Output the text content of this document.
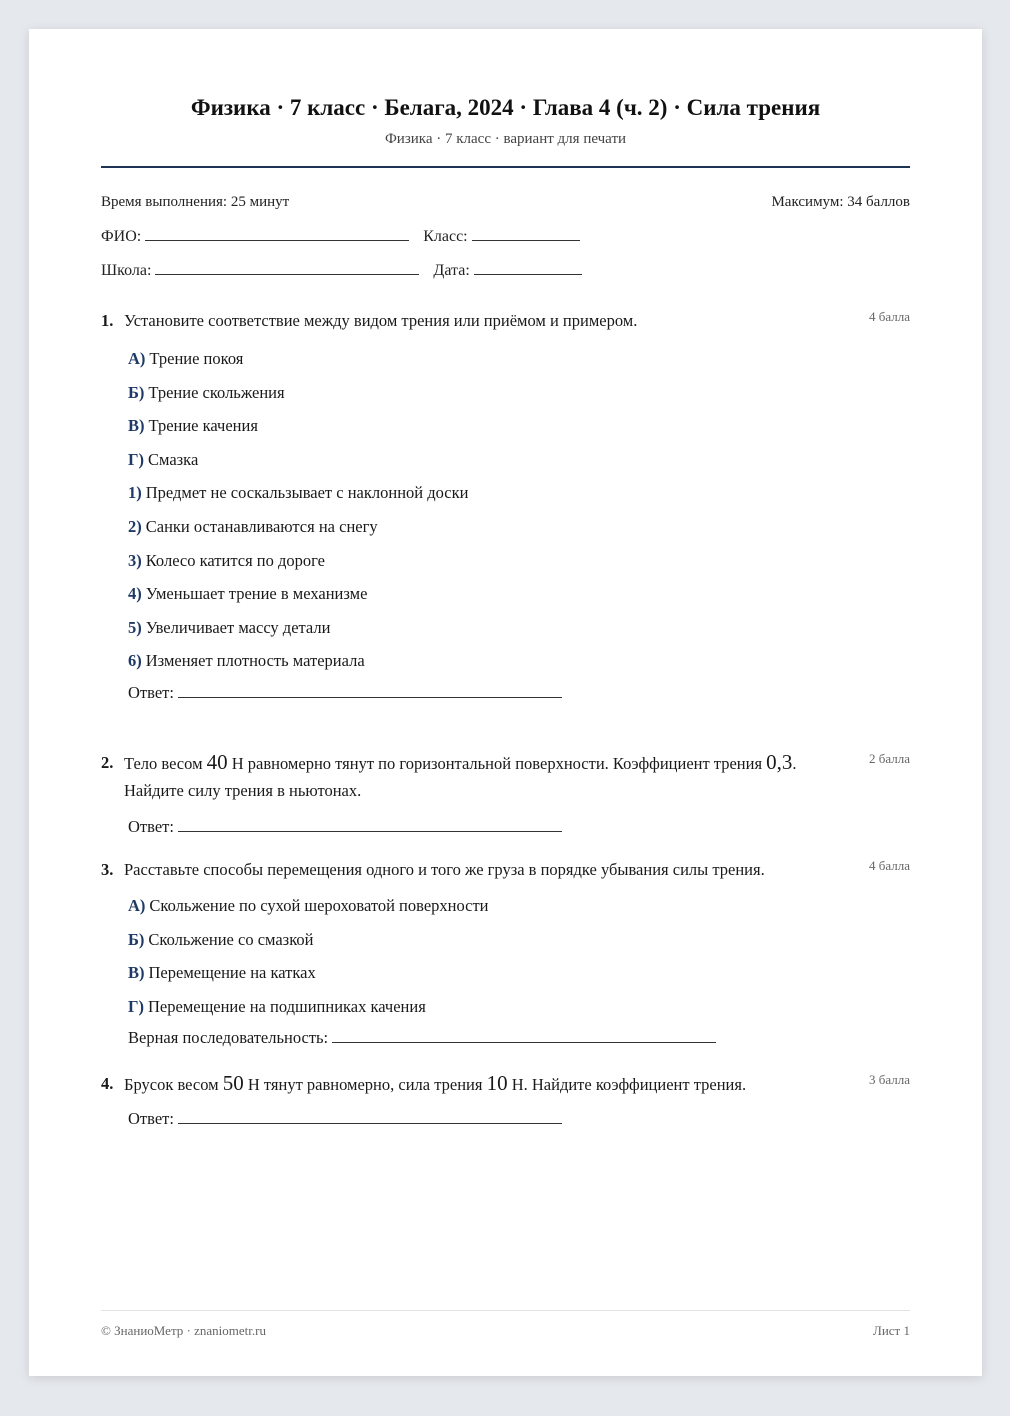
Физика · 7 класс · Белага, 2024 · Глава 4 (ч. 2) · Сила трения
Физика · 7 класс · вариант для печати
Время выполнения: 25 минут	Максимум: 34 баллов
ФИО:	Класс:
Школа:	Дата:
1. Установите соответствие между видом трения или приёмом и примером.	4 балла
А) Трение покоя
Б) Трение скольжения
В) Трение качения
Г) Смазка
1) Предмет не соскальзывает с наклонной доски
2) Санки останавливаются на снегу
3) Колесо катится по дороге
4) Уменьшает трение в механизме
5) Увеличивает массу детали
6) Изменяет плотность материала
Ответ:
2. Тело весом 40 Н равномерно тянут по горизонтальной поверхности. Коэффициент трения 0,3. Найдите силу трения в ньютонах.
2 балла
Ответ:
3. Расставьте способы перемещения одного и того же груза в порядке убывания силы трения.	4 балла
А) Скольжение по сухой шероховатой поверхности
Б) Скольжение со смазкой
В) Перемещение на катках
Г) Перемещение на подшипниках качения
Верная последовательность:
4. Брусок весом 50 Н тянут равномерно, сила трения 10 Н. Найдите коэффициент трения.	3 балла
Ответ:
© ЗнаниоМетр · znaniometr.ru	Лист 1
